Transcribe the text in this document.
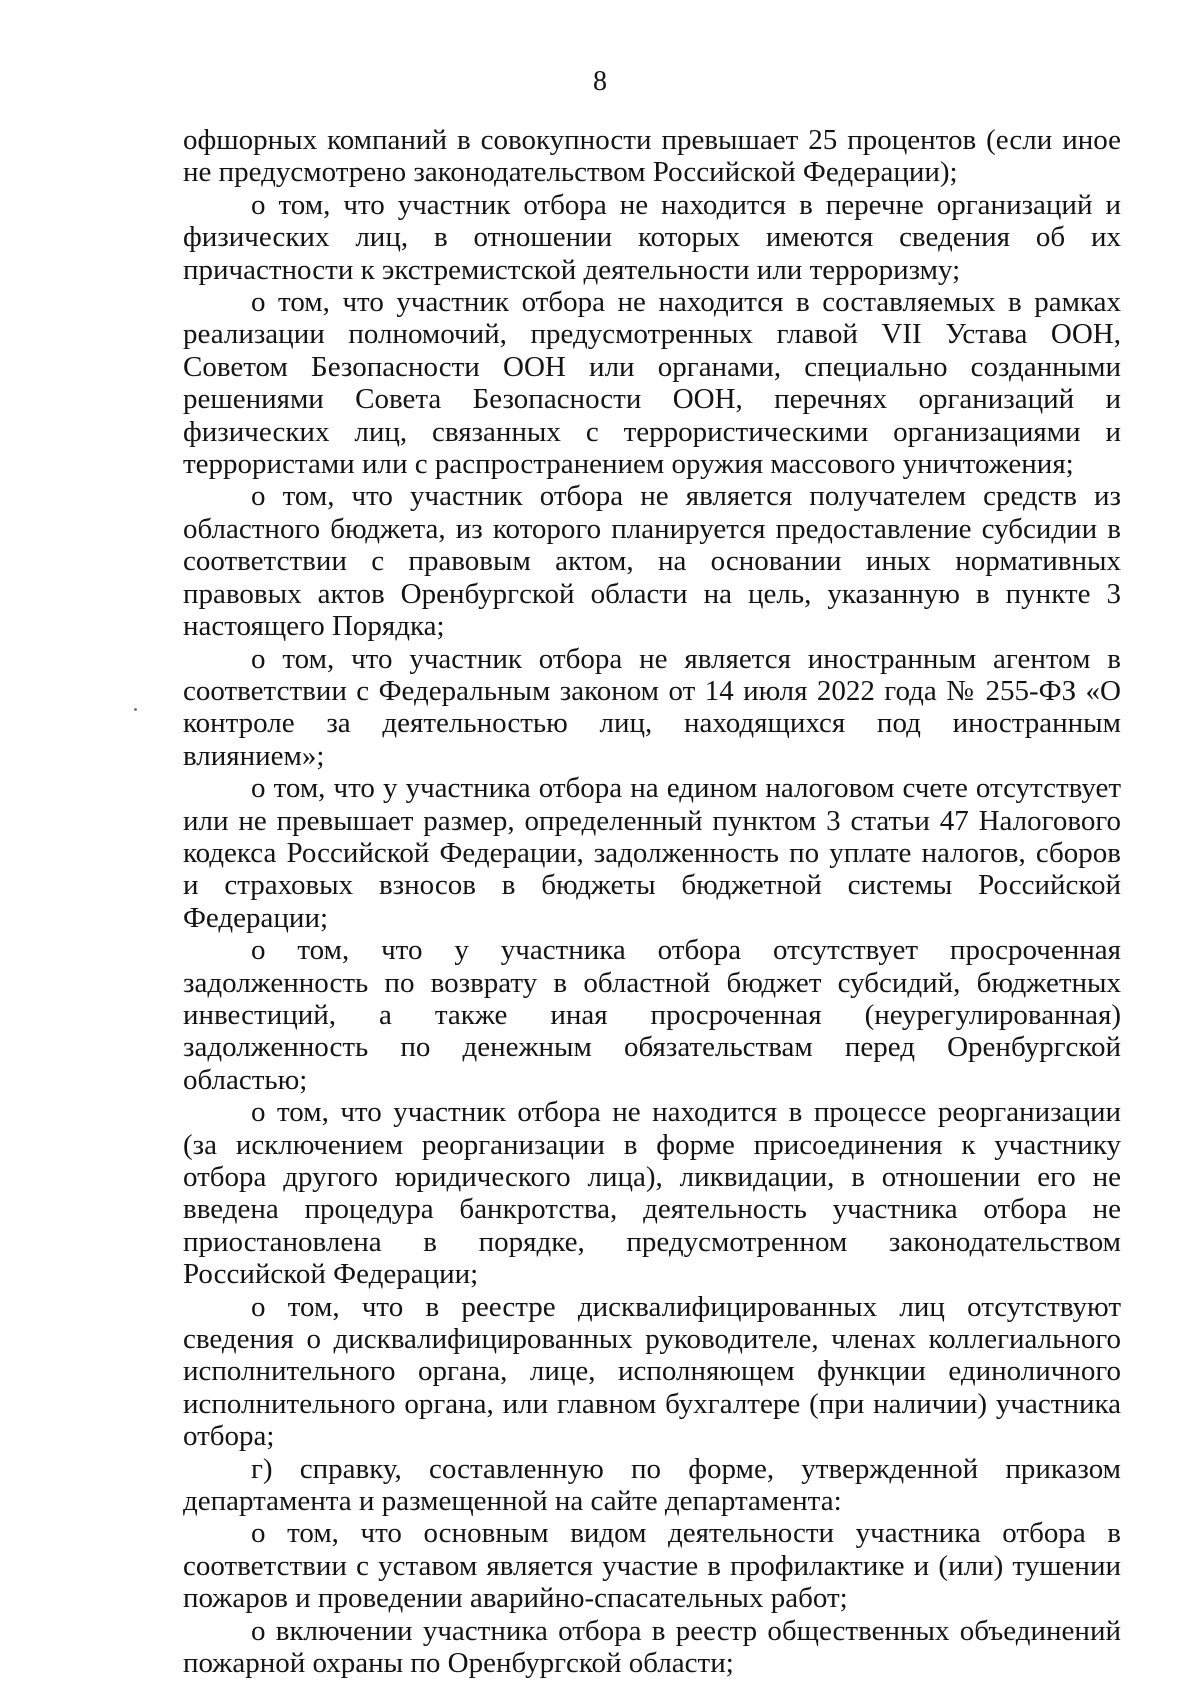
8

офшорных компаний в совокупности превышает 25 процентов (если иное не предусмотрено законодательством Российской Федерации);

о том, что участник отбора не находится в перечне организаций и физических лиц, в отношении которых имеются сведения об их причастности к экстремистской деятельности или терроризму;

о том, что участник отбора не находится в составляемых в рамках реализации полномочий, предусмотренных главой VII Устава ООН, Советом Безопасности ООН или органами, специально созданными решениями Совета Безопасности ООН, перечнях организаций и физических лиц, связанных с террористическими организациями и террористами или с распространением оружия массового уничтожения;

о том, что участник отбора не является получателем средств из областного бюджета, из которого планируется предоставление субсидии в соответствии с правовым актом, на основании иных нормативных правовых актов Оренбургской области на цель, указанную в пункте 3 настоящего Порядка;

о том, что участник отбора не является иностранным агентом в соответствии с Федеральным законом от 14 июля 2022 года № 255-ФЗ «О контроле за деятельностью лиц, находящихся под иностранным влиянием»;

о том, что у участника отбора на едином налоговом счете отсутствует или не превышает размер, определенный пунктом 3 статьи 47 Налогового кодекса Российской Федерации, задолженность по уплате налогов, сборов и страховых взносов в бюджеты бюджетной системы Российской Федерации;

о том, что у участника отбора отсутствует просроченная задолженность по возврату в областной бюджет субсидий, бюджетных инвестиций, а также иная просроченная (неурегулированная) задолженность по денежным обязательствам перед Оренбургской областью;

о том, что участник отбора не находится в процессе реорганизации (за исключением реорганизации в форме присоединения к участнику отбора другого юридического лица), ликвидации, в отношении его не введена процедура банкротства, деятельность участника отбора не приостановлена в порядке, предусмотренном законодательством Российской Федерации;

о том, что в реестре дисквалифицированных лиц отсутствуют сведения о дисквалифицированных руководителе, членах коллегиального исполнительного органа, лице, исполняющем функции единоличного исполнительного органа, или главном бухгалтере (при наличии) участника отбора;

г) справку, составленную по форме, утвержденной приказом департамента и размещенной на сайте департамента:

о том, что основным видом деятельности участника отбора в соответствии с уставом является участие в профилактике и (или) тушении пожаров и проведении аварийно-спасательных работ;

о включении участника отбора в реестр общественных объединений пожарной охраны по Оренбургской области;
